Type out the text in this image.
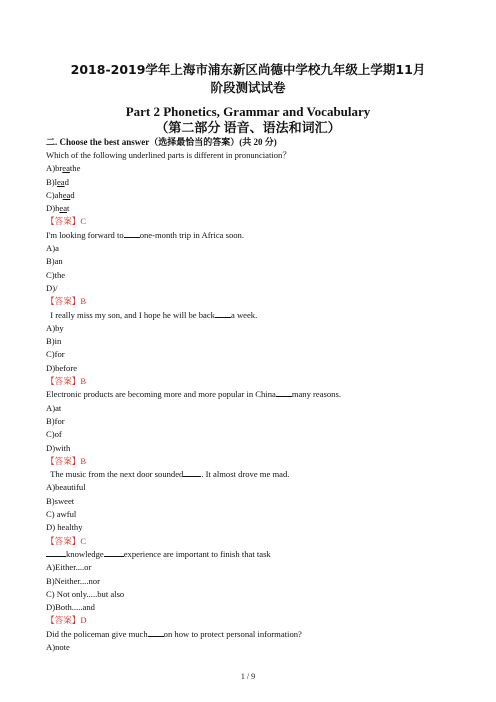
2018-2019学年上海市浦东新区尚德中学校九年级上学期11月
阶段测试试卷
Part 2 Phonetics, Grammar and Vocabulary
（第二部分 语音、语法和词汇）
二. Choose the best answer（选择最恰当的答案）(共 20 分)
Which of the following underlined parts is different in pronunciation？
A)breathe
B)lead
C)ahead
D)heat
【答案】C
I'm looking forward to one-month trip in Africa soon.
A)a
B)an
C)the
D)/
【答案】B
I really miss my son, and I hope he will be back a week.
A)by
B)in
C)for
D)before
【答案】B
Electronic products are becoming more and more popular in China many reasons.
A)at
B)for
C)of
D)with
【答案】B
The music from the next door sounded . It almost drove me mad.
A)beautiful
B)sweet
C) awful
D) healthy
【答案】C
knowledge experience are important to finish that task
A)Either....or
B)Neither....nor
C) Not only.....but also
D)Both.....and
【答案】D
Did the policeman give much on how to protect personal information?
A)note
1 / 9
